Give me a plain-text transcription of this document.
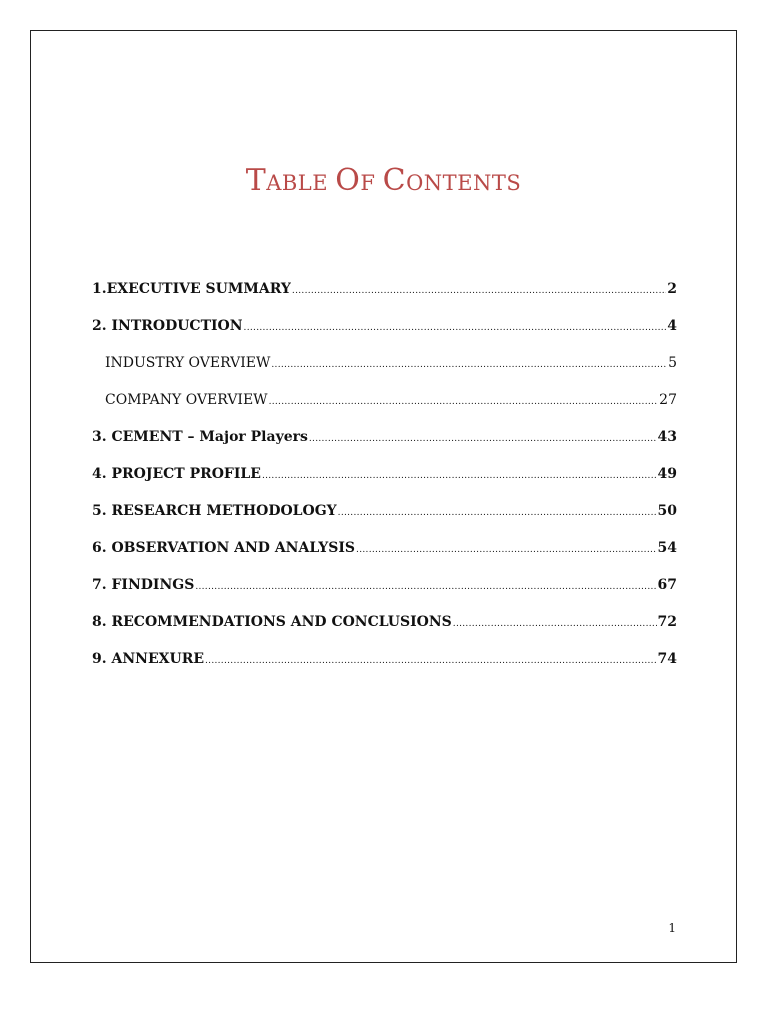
TABLE OF CONTENTS
1.EXECUTIVE SUMMARY .....	2
2. INTRODUCTION .....	4
INDUSTRY OVERVIEW .....	5
COMPANY OVERVIEW .....	27
3. CEMENT – Major Players .....	43
4. PROJECT PROFILE .....	49
5. RESEARCH METHODOLOGY .....	50
6. OBSERVATION AND ANALYSIS .....	54
7. FINDINGS .....	67
8. RECOMMENDATIONS AND CONCLUSIONS .....	72
9. ANNEXURE .....	74

1
